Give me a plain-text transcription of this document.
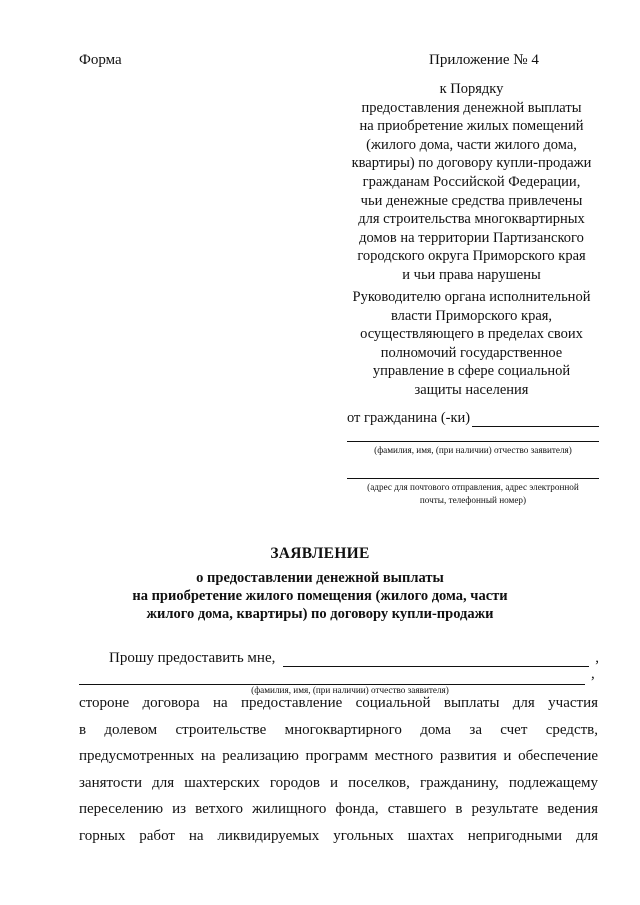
Форма	Приложение № 4
к Порядку
предоставления денежной выплаты
на приобретение жилых помещений
(жилого дома, части жилого дома,
квартиры) по договору купли-продажи
гражданам Российской Федерации,
чьи денежные средства привлечены
для строительства многоквартирных
домов на территории Партизанского
городского округа Приморского края
и чьи права нарушены
Руководителю органа исполнительной
власти Приморского края,
осуществляющего в пределах своих
полномочий государственное
управление в сфере социальной
защиты населения
от гражданина (-ки)
(фамилия, имя, (при наличии) отчество заявителя)
(адрес для почтового отправления, адрес электронной
почты, телефонный номер)
ЗАЯВЛЕНИЕ
о предоставлении денежной выплаты
на приобретение жилого помещения (жилого дома, части
жилого дома, квартиры) по договору купли-продажи
Прошу предоставить мне,	,
,
(фамилия, имя, (при наличии) отчество заявителя)
стороне договора на предоставление социальной выплаты для участия
в долевом строительстве многоквартирного дома за счет средств,
предусмотренных на реализацию программ местного развития и обеспечение
занятости для шахтерских городов и поселков, гражданину, подлежащему
переселению из ветхого жилищного фонда, ставшего в результате ведения
горных работ на ликвидируемых угольных шахтах непригодными для
